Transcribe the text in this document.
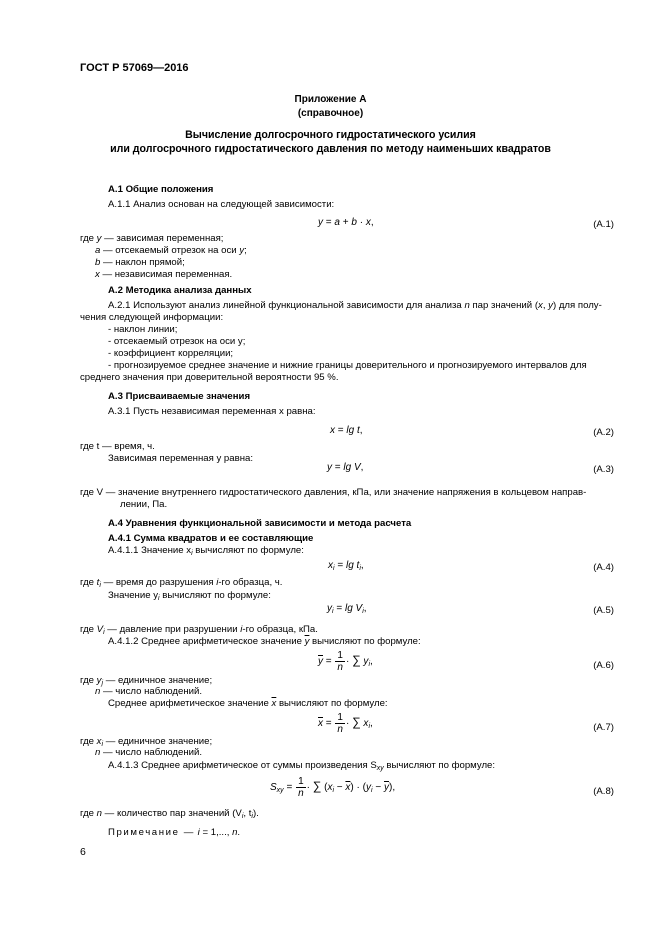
ГОСТ Р 57069—2016
Приложение А
(справочное)
Вычисление долгосрочного гидростатического усилия
или долгосрочного гидростатического давления по методу наименьших квадратов
А.1 Общие положения
А.1.1 Анализ основан на следующей зависимости:
y = a + b · x,	(А.1)
где y — зависимая переменная;
a — отсекаемый отрезок на оси y;
b — наклон прямой;
x — независимая переменная.
А.2 Методика анализа данных
А.2.1 Используют анализ линейной функциональной зависимости для анализа n пар значений (x, y) для полу-
чения следующей информации:
- наклон линии;
- отсекаемый отрезок на оси у;
- коэффициент корреляции;
- прогнозируемое среднее значение и нижние границы доверительного и прогнозируемого интервалов для
среднего значения при доверительной вероятности 95 %.
А.3 Присваиваемые значения
А.3.1 Пусть независимая переменная x равна:
x = lg t,	(А.2)
где t — время, ч.
Зависимая переменная y равна:
y = lg V,	(А.3)
где V — значение внутреннего гидростатического давления, кПа, или значение напряжения в кольцевом направ-
лении, Па.
А.4 Уравнения функциональной зависимости и метода расчета
А.4.1 Сумма квадратов и ее составляющие
А.4.1.1 Значение $x_i$ вычисляют по формуле:
$x_i = \lg t_i$,	(А.4)
где $t_i$ — время до разрушения i-го образца, ч.
Значение $y_i$ вычисляют по формуле:
$y_i = \lg V_i$,	(А.5)
где $V_i$ — давление при разрушении i-го образца, кПа.
А.4.1.2 Среднее арифметическое значение $\overline{y}$ вычисляют по формуле:
$\overline{y} = \frac{1}{n}$ · ∑ $y_i$,	(А.6)
где $y_j$ — единичное значение;
n — число наблюдений.
Среднее арифметическое значение $\overline{x}$ вычисляют по формуле:
$\overline{x} = \frac{1}{n}$ · ∑ $x_i$,	(А.7)
где $x_i$ — единичное значение;
n — число наблюдений.
А.4.1.3 Среднее арифметическое от суммы произведения $S_{xy}$ вычисляют по формуле:
$S_{xy} = \frac{1}{n}$ · ∑ $(x_i - \overline{x}) \cdot (y_i - \overline{y})$,	(А.8)
где n — количество пар значений ($V_i$, $t_i$).
Примечание — i = 1,..., n.
6
